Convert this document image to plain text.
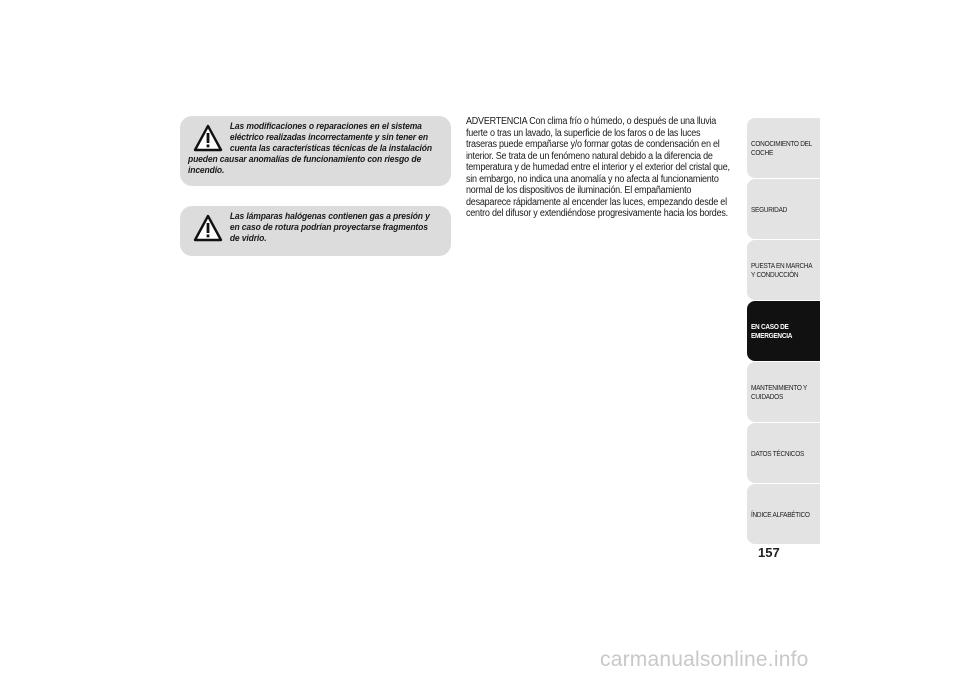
Las modificaciones o reparaciones en el sistema eléctrico realizadas incorrectamente y sin tener en cuenta las características técnicas de la instalación pueden causar anomalías de funcionamiento con riesgo de incendio.

Las lámparas halógenas contienen gas a presión y en caso de rotura podrían proyectarse fragmentos de vidrio.

ADVERTENCIA Con clima frío o húmedo, o después de una lluvia fuerte o tras un lavado, la superficie de los faros o de las luces traseras puede empañarse y/o formar gotas de condensación en el interior. Se trata de un fenómeno natural debido a la diferencia de temperatura y de humedad entre el interior y el exterior del cristal que, sin embargo, no indica una anomalía y no afecta al funcionamiento normal de los dispositivos de iluminación. El empañamiento desaparece rápidamente al encender las luces, empezando desde el centro del difusor y extendiéndose progresivamente hacia los bordes.

CONOCIMIENTO DEL
COCHE
SEGURIDAD
PUESTA EN MARCHA
Y CONDUCCIÓN
EN CASO DE
EMERGENCIA
MANTENIMIENTO Y
CUIDADOS
DATOS TÉCNICOS
ÍNDICE ALFABÉTICO
157
carmanualsonline.info
